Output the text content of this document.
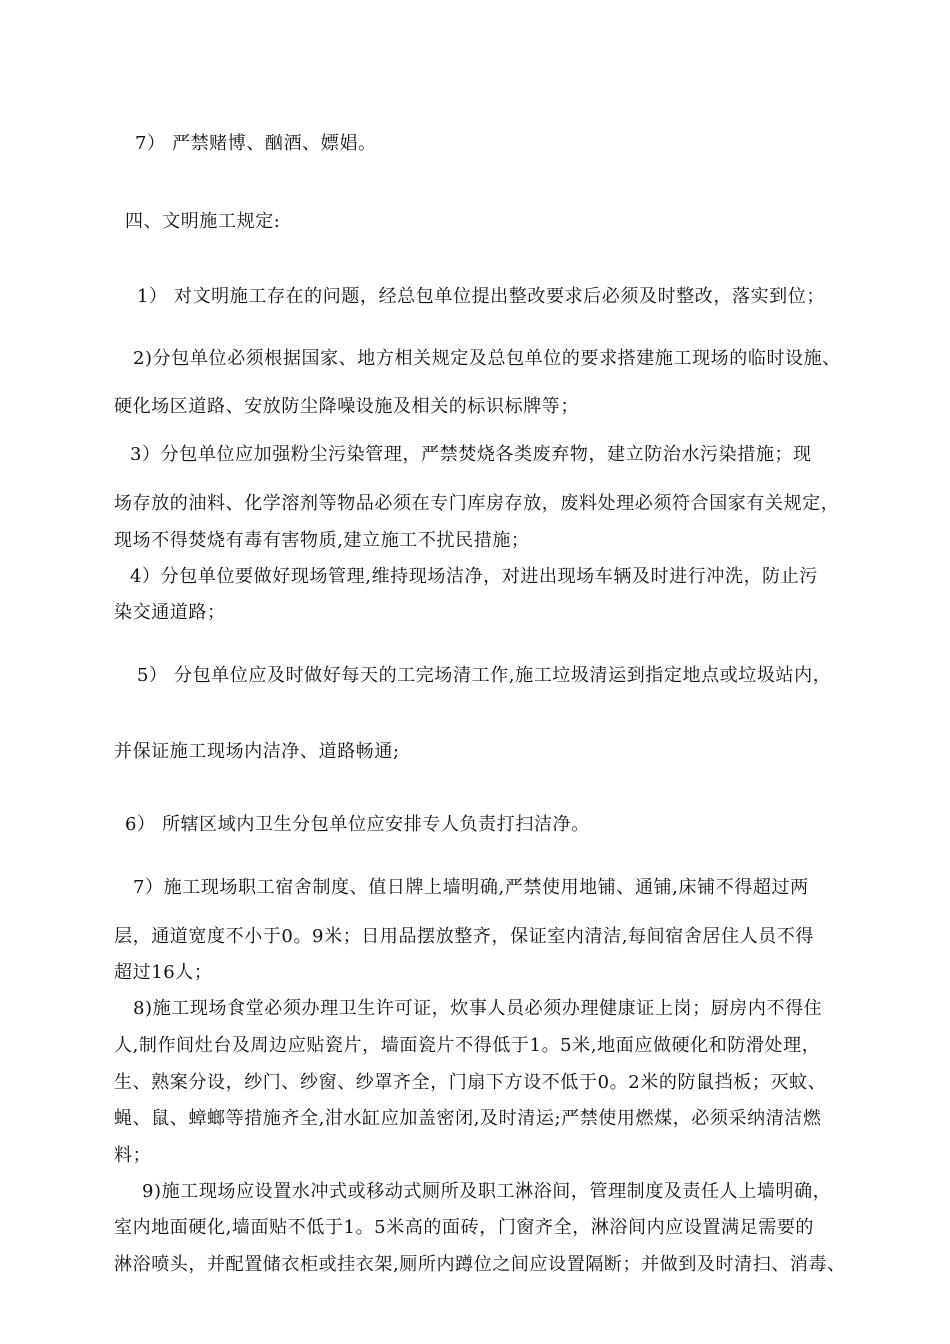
7） 严禁赌博、酗酒、嫖娼。
四、文明施工规定:
1） 对文明施工存在的问题，经总包单位提出整改要求后必须及时整改，落实到位；
2)分包单位必须根据国家、地方相关规定及总包单位的要求搭建施工现场的临时设施、
硬化场区道路、安放防尘降噪设施及相关的标识标牌等；
3）分包单位应加强粉尘污染管理，严禁焚烧各类废弃物，建立防治水污染措施；现
场存放的油料、化学溶剂等物品必须在专门库房存放，废料处理必须符合国家有关规定，
现场不得焚烧有毒有害物质,建立施工不扰民措施；
4）分包单位要做好现场管理,维持现场洁净，对进出现场车辆及时进行冲洗，防止污
染交通道路；
5） 分包单位应及时做好每天的工完场清工作,施工垃圾清运到指定地点或垃圾站内，
并保证施工现场内洁净、道路畅通;
6） 所辖区域内卫生分包单位应安排专人负责打扫洁净。
7）施工现场职工宿舍制度、值日牌上墙明确,严禁使用地铺、通铺,床铺不得超过两
层，通道宽度不小于0。9米；日用品摆放整齐，保证室内清洁,每间宿舍居住人员不得
超过16人；
8)施工现场食堂必须办理卫生许可证，炊事人员必须办理健康证上岗；厨房内不得住
人,制作间灶台及周边应贴瓷片，墙面瓷片不得低于1。5米,地面应做硬化和防滑处理，
生、熟案分设，纱门、纱窗、纱罩齐全，门扇下方设不低于0。2米的防鼠挡板；灭蚊、
蝇、鼠、蟑螂等措施齐全,泔水缸应加盖密闭,及时清运;严禁使用燃煤，必须采纳清洁燃
料；
9)施工现场应设置水冲式或移动式厕所及职工淋浴间，管理制度及责任人上墙明确，
室内地面硬化,墙面贴不低于1。5米高的面砖，门窗齐全，淋浴间内应设置满足需要的
淋浴喷头，并配置储衣柜或挂衣架,厕所内蹲位之间应设置隔断；并做到及时清扫、消毒、
